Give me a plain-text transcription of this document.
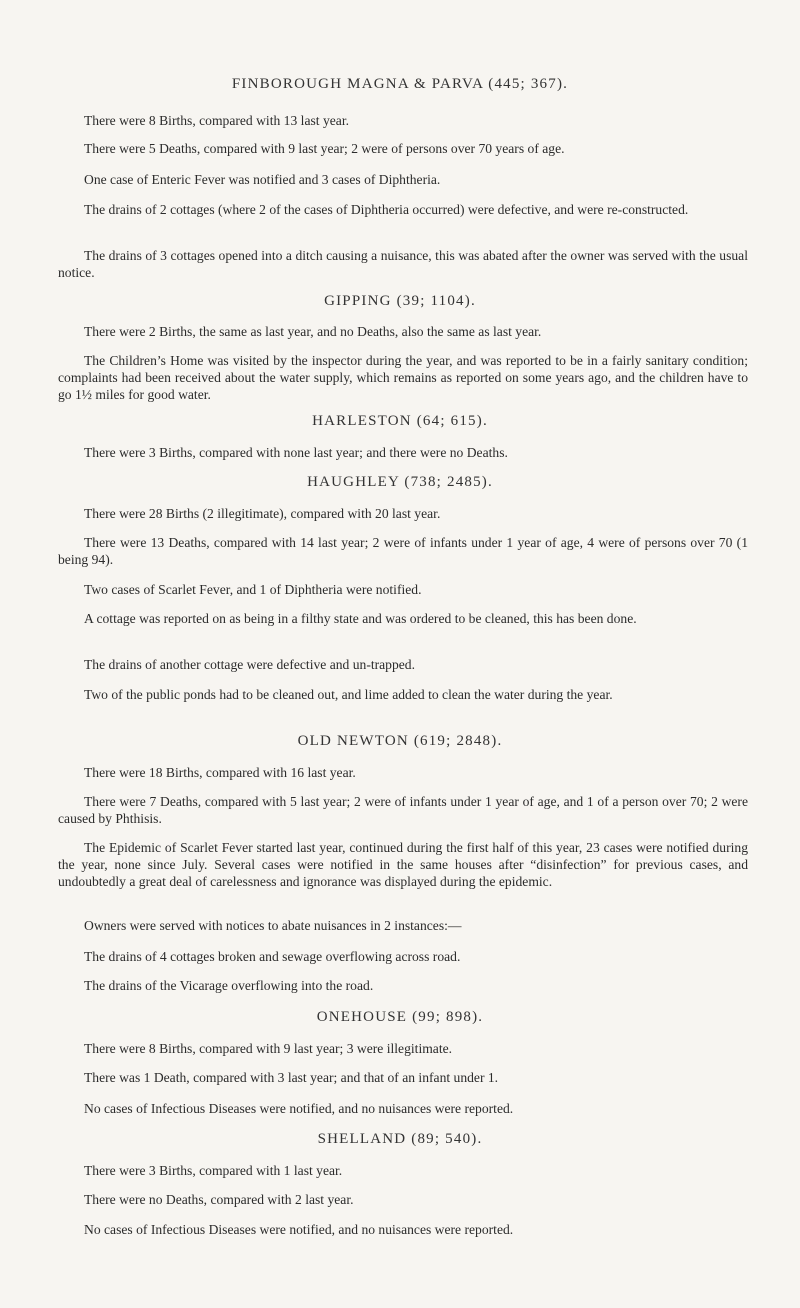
FINBOROUGH MAGNA & PARVA (445; 367).
There were 8 Births, compared with 13 last year.
There were 5 Deaths, compared with 9 last year; 2 were of persons over 70 years of age.
One case of Enteric Fever was notified and 3 cases of Diphtheria.
The drains of 2 cottages (where 2 of the cases of Diphtheria occurred) were defective, and were re-constructed.
The drains of 3 cottages opened into a ditch causing a nuisance, this was abated after the owner was served with the usual notice.
GIPPING (39; 1104).
There were 2 Births, the same as last year, and no Deaths, also the same as last year.
The Children’s Home was visited by the inspector during the year, and was reported to be in a fairly sanitary condition; complaints had been received about the water supply, which remains as reported on some years ago, and the children have to go 1½ miles for good water.
HARLESTON (64; 615).
There were 3 Births, compared with none last year; and there were no Deaths.
HAUGHLEY (738; 2485).
There were 28 Births (2 illegitimate), compared with 20 last year.
There were 13 Deaths, compared with 14 last year; 2 were of infants under 1 year of age, 4 were of persons over 70 (1 being 94).
Two cases of Scarlet Fever, and 1 of Diphtheria were notified.
A cottage was reported on as being in a filthy state and was ordered to be cleaned, this has been done.
The drains of another cottage were defective and un-trapped.
Two of the public ponds had to be cleaned out, and lime added to clean the water during the year.
OLD NEWTON (619; 2848).
There were 18 Births, compared with 16 last year.
There were 7 Deaths, compared with 5 last year; 2 were of infants under 1 year of age, and 1 of a person over 70; 2 were caused by Phthisis.
The Epidemic of Scarlet Fever started last year, continued during the first half of this year, 23 cases were notified during the year, none since July. Several cases were notified in the same houses after “disinfection” for previous cases, and undoubtedly a great deal of carelessness and ignorance was displayed during the epidemic.
Owners were served with notices to abate nuisances in 2 instances:—
The drains of 4 cottages broken and sewage overflowing across road.
The drains of the Vicarage overflowing into the road.
ONEHOUSE (99; 898).
There were 8 Births, compared with 9 last year; 3 were illegitimate.
There was 1 Death, compared with 3 last year; and that of an infant under 1.
No cases of Infectious Diseases were notified, and no nuisances were reported.
SHELLAND (89; 540).
There were 3 Births, compared with 1 last year.
There were no Deaths, compared with 2 last year.
No cases of Infectious Diseases were notified, and no nuisances were reported.
